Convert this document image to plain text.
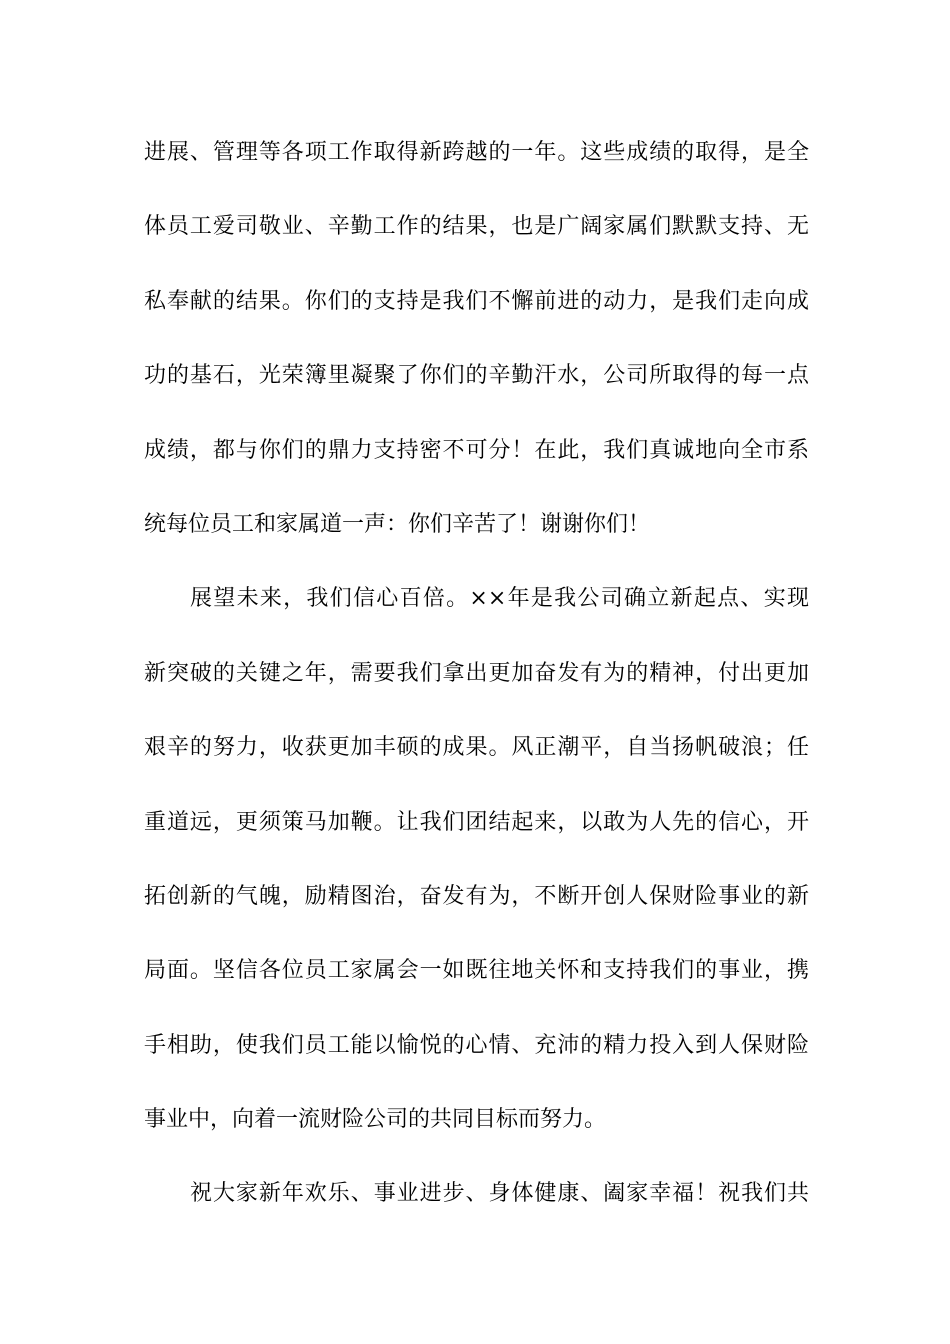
进展、管理等各项工作取得新跨越的一年。这些成绩的取得，是全
体员工爱司敬业、辛勤工作的结果，也是广阔家属们默默支持、无
私奉献的结果。你们的支持是我们不懈前进的动力，是我们走向成
功的基石，光荣簿里凝聚了你们的辛勤汗水，公司所取得的每一点
成绩，都与你们的鼎力支持密不可分！在此，我们真诚地向全市系
统每位员工和家属道一声：你们辛苦了！谢谢你们！
展望未来，我们信心百倍。××年是我公司确立新起点、实现
新突破的关键之年，需要我们拿出更加奋发有为的精神，付出更加
艰辛的努力，收获更加丰硕的成果。风正潮平，自当扬帆破浪；任
重道远，更须策马加鞭。让我们团结起来，以敢为人先的信心，开
拓创新的气魄，励精图治，奋发有为，不断开创人保财险事业的新
局面。坚信各位员工家属会一如既往地关怀和支持我们的事业，携
手相助，使我们员工能以愉悦的心情、充沛的精力投入到人保财险
事业中，向着一流财险公司的共同目标而努力。
祝大家新年欢乐、事业进步、身体健康、阖家幸福！祝我们共
